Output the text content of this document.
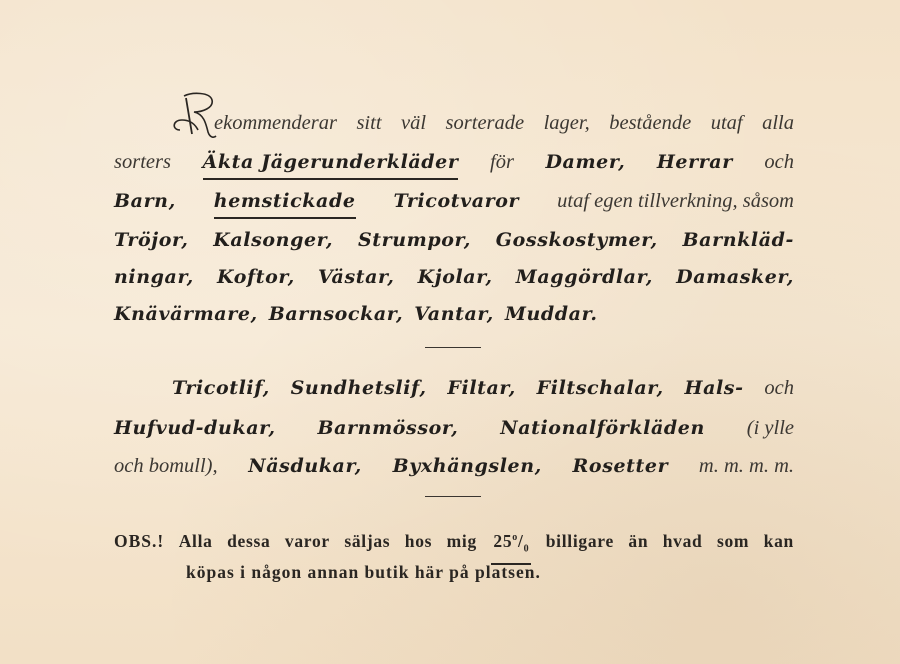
R ekommenderar sitt väl sorterade lager, bestående utaf alla
sorters Äkta Jägerunderkläder för Damer, Herrar och
Barn, hemstickade Tricotvaror utaf egen tillverkning, såsom
Tröjor, Kalsonger, Strumpor, Gosskostymer, Barnkläd-
ningar, Koftor, Västar, Kjolar, Maggördlar, Damasker,
Knävärmare, Barnsockar, Vantar, Muddar.
Tricotlif, Sundhetslif, Filtar, Filtschalar, Hals- och
Hufvud-dukar, Barnmössor, Nationalförkläden (i ylle
och bomull), Näsdukar, Byxhängslen, Rosetter m. m. m. m.
OBS.! Alla dessa varor säljas hos mig $25^o/_0$ billigare än hvad som kan
köpas i någon annan butik här på platsen.
